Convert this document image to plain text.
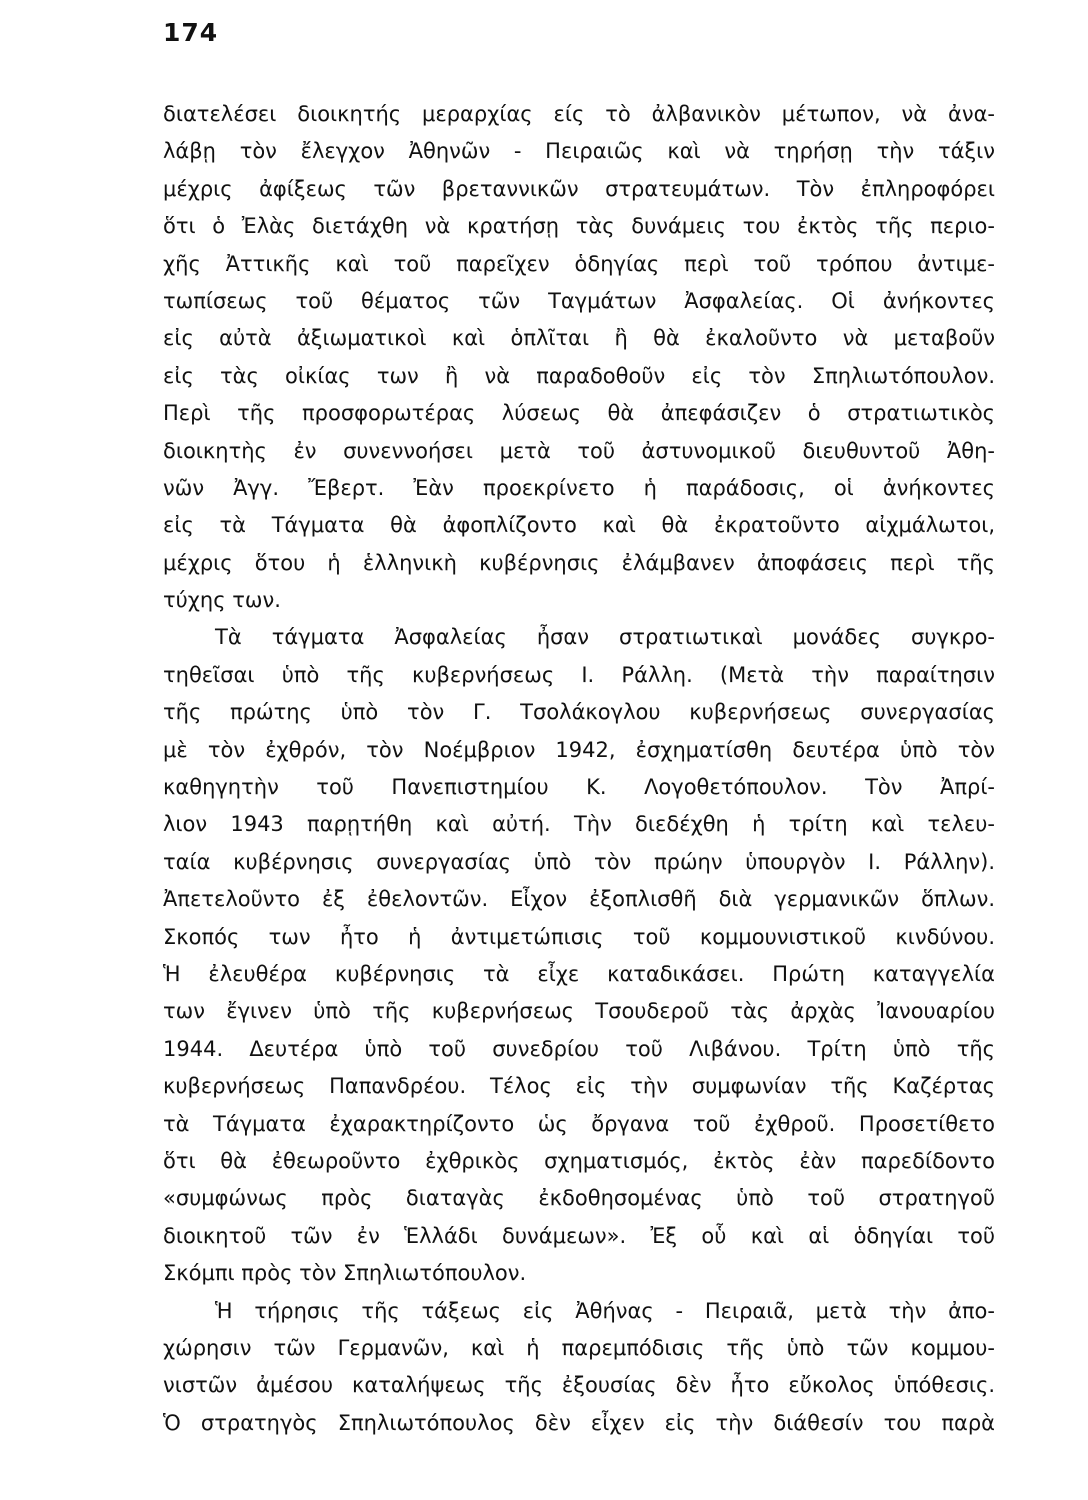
174
διατελέσει διοικητής μεραρχίας είς τὸ ἀλβανικὸν μέτωπον, νὰ ἀνα-
λάβῃ τὸν ἔλεγχον Ἀθηνῶν - Πειραιῶς καὶ νὰ τηρήσῃ τὴν τάξιν
μέχρις ἀφίξεως τῶν βρεταννικῶν στρατευμάτων. Τὸν ἐπληροφόρει
ὅτι ὁ Ἐλὰς διετάχθη νὰ κρατήσῃ τὰς δυνάμεις του ἐκτὸς τῆς περιο-
χῆς Ἀττικῆς καὶ τοῦ παρεῖχεν ὁδηγίας περὶ τοῦ τρόπου ἀντιμε-
τωπίσεως τοῦ θέματος τῶν Ταγμάτων Ἀσφαλείας. Οἱ ἀνήκοντες
εἰς αὐτὰ ἀξιωματικοὶ καὶ ὁπλῖται ἢ θὰ ἐκαλοῦντο νὰ μεταβοῦν
εἰς τὰς οἰκίας των ἢ νὰ παραδοθοῦν εἰς τὸν Σπηλιωτόπουλον.
Περὶ τῆς προσφορωτέρας λύσεως θὰ ἀπεφάσιζεν ὁ στρατιωτικὸς
διοικητὴς ἐν συνεννοήσει μετὰ τοῦ ἀστυνομικοῦ διευθυντοῦ Ἀθη-
νῶν Ἀγγ. Ἔβερτ. Ἐὰν προεκρίνετο ἡ παράδοσις, οἱ ἀνήκοντες
εἰς τὰ Τάγματα θὰ ἀφοπλίζοντο καὶ θὰ ἐκρατοῦντο αἰχμάλωτοι,
μέχρις ὅτου ἡ ἑλληνικὴ κυβέρνησις ἐλάμβανεν ἀποφάσεις περὶ τῆς
τύχης των.
Τὰ τάγματα Ἀσφαλείας ἦσαν στρατιωτικαὶ μονάδες συγκρο-
τηθεῖσαι ὑπὸ τῆς κυβερνήσεως Ι. Ράλλη. (Μετὰ τὴν παραίτησιν
τῆς πρώτης ὑπὸ τὸν Γ. Τσολάκογλου κυβερνήσεως συνεργασίας
μὲ τὸν ἐχθρόν, τὸν Νοέμβριον 1942, ἐσχηματίσθη δευτέρα ὑπὸ τὸν
καθηγητὴν τοῦ Πανεπιστημίου Κ. Λογοθετόπουλον. Τὸν Ἀπρί-
λιον 1943 παρῃτήθη καὶ αὐτή. Τὴν διεδέχθη ἡ τρίτη καὶ τελευ-
ταία κυβέρνησις συνεργασίας ὑπὸ τὸν πρώην ὑπουργὸν Ι. Ράλλην).
Ἀπετελοῦντο ἐξ ἐθελοντῶν. Εἶχον ἐξοπλισθῆ διὰ γερμανικῶν ὅπλων.
Σκοπός των ἦτο ἡ ἀντιμετώπισις τοῦ κομμουνιστικοῦ κινδύνου.
Ἡ ἐλευθέρα κυβέρνησις τὰ εἶχε καταδικάσει. Πρώτη καταγγελία
των ἔγινεν ὑπὸ τῆς κυβερνήσεως Τσουδεροῦ τὰς ἀρχὰς Ἰανουαρίου
1944. Δευτέρα ὑπὸ τοῦ συνεδρίου τοῦ Λιβάνου. Τρίτη ὑπὸ τῆς
κυβερνήσεως Παπανδρέου. Τέλος εἰς τὴν συμφωνίαν τῆς Καζέρτας
τὰ Τάγματα ἐχαρακτηρίζοντο ὡς ὄργανα τοῦ ἐχθροῦ. Προσετίθετο
ὅτι θὰ ἐθεωροῦντο ἐχθρικὸς σχηματισμός, ἐκτὸς ἐὰν παρεδίδοντο
«συμφώνως πρὸς διαταγὰς ἐκδοθησομένας ὑπὸ τοῦ στρατηγοῦ
διοικητοῦ τῶν ἐν Ἑλλάδι δυνάμεων». Ἐξ οὗ καὶ αἱ ὁδηγίαι τοῦ
Σκόμπι πρὸς τὸν Σπηλιωτόπουλον.
Ἡ τήρησις τῆς τάξεως εἰς Ἀθήνας - Πειραιᾶ, μετὰ τὴν ἀπο-
χώρησιν τῶν Γερμανῶν, καὶ ἡ παρεμπόδισις τῆς ὑπὸ τῶν κομμου-
νιστῶν ἀμέσου καταλήψεως τῆς ἐξουσίας δὲν ἦτο εὔκολος ὑπόθεσις.
Ὁ στρατηγὸς Σπηλιωτόπουλος δὲν εἶχεν εἰς τὴν διάθεσίν του παρὰ
